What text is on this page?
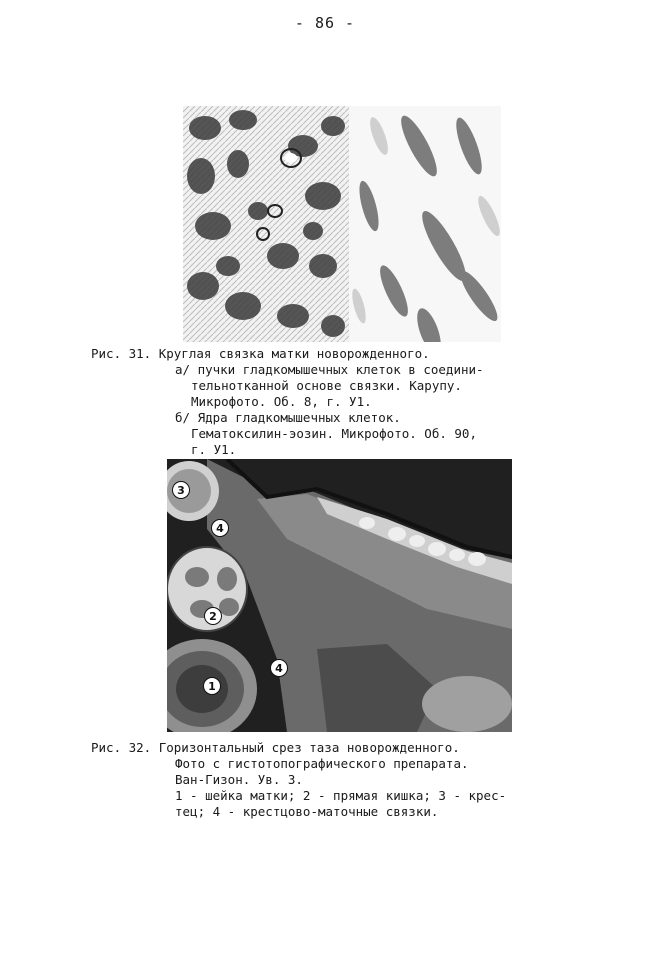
- 86 -
Рис. 31. Круглая связка матки новорожденного.
а/ пучки гладкомышечных клеток в соедини-
тельнотканной основе связки. Карупу.
Микрофото. Об. 8, г. У1.
б/ Ядра гладкомышечных клеток.
Гематоксилин-эозин. Микрофото. Об. 90,
г. У1.
3
4
2
1
4
Рис. 32. Горизонтальный срез таза новорожденного.
Фото с гистотопографического препарата.
Ван-Гизон. Ув. 3.
1 - шейка матки; 2 - прямая кишка; 3 - крес-
тец; 4 - крестцово-маточные связки.
